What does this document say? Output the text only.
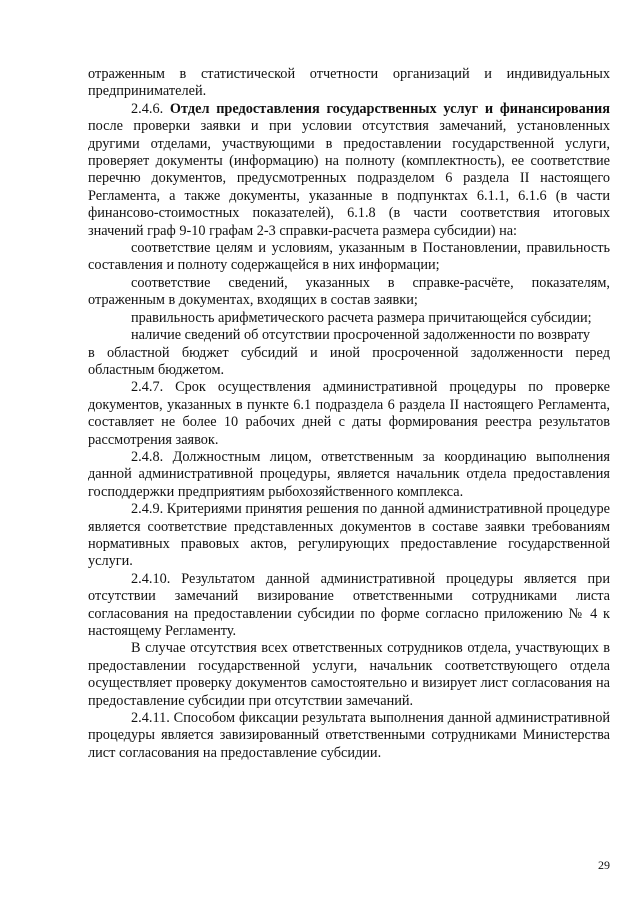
отраженным в статистической отчетности организаций и индивидуальных предпринимателей.

2.4.6. Отдел предоставления государственных услуг и финансирования после проверки заявки и при условии отсутствия замечаний, установленных другими отделами, участвующими в предоставлении государственной услуги, проверяет документы (информацию) на полноту (комплектность), ее соответствие перечню документов, предусмотренных подразделом 6 раздела II настоящего Регламента, а также документы, указанные в подпунктах 6.1.1, 6.1.6 (в части финансово-стоимостных показателей), 6.1.8 (в части соответствия итоговых значений граф 9-10 графам 2-3 справки-расчета размера субсидии) на:

соответствие целям и условиям, указанным в Постановлении, правильность составления и полноту содержащейся в них информации;

соответствие сведений, указанных в справке-расчёте, показателям, отраженным в документах, входящих в состав заявки;

правильность арифметического расчета размера причитающейся субсидии;

наличие сведений об отсутствии просроченной задолженности по возврату

в областной бюджет субсидий и иной просроченной задолженности перед областным бюджетом.

2.4.7. Срок осуществления административной процедуры по проверке документов, указанных в пункте 6.1 подраздела 6 раздела II настоящего Регламента, составляет не более 10 рабочих дней с даты формирования реестра результатов рассмотрения заявок.

2.4.8. Должностным лицом, ответственным за координацию выполнения данной административной процедуры, является начальник отдела предоставления господдержки предприятиям рыбохозяйственного комплекса.

2.4.9. Критериями принятия решения по данной административной процедуре является соответствие представленных документов в составе заявки требованиям нормативных правовых актов, регулирующих предоставление государственной услуги.

2.4.10. Результатом данной административной процедуры является при отсутствии замечаний визирование ответственными сотрудниками листа согласования на предоставлении субсидии по форме согласно приложению № 4 к настоящему Регламенту.

В случае отсутствия всех ответственных сотрудников отдела, участвующих в предоставлении государственной услуги, начальник соответствующего отдела осуществляет проверку документов самостоятельно и визирует лист согласования на предоставление субсидии при отсутствии замечаний.

2.4.11. Способом фиксации результата выполнения данной административной процедуры является завизированный ответственными сотрудниками Министерства лист согласования на предоставление субсидии.

29
